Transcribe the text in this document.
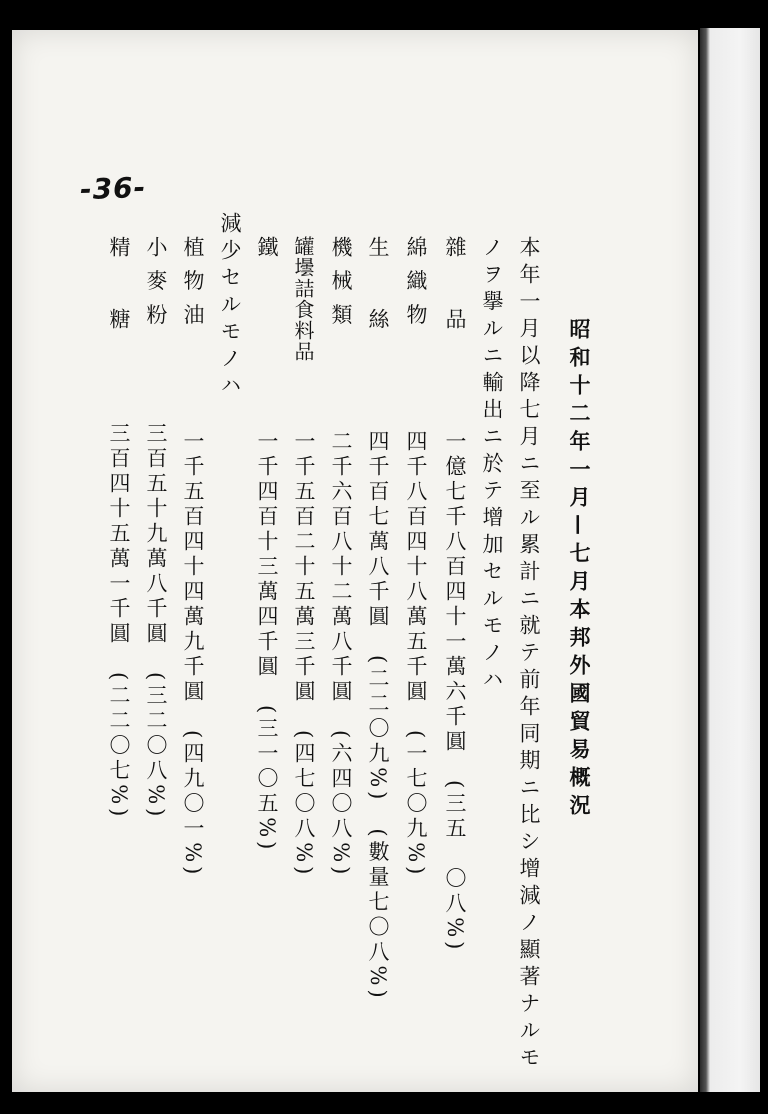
-36-
昭和十二年一月—七月本邦外國貿易概況
本年一月以降七月ニ至ル累計ニ就テ前年同期ニ比シ增減ノ顯著ナルモ
ノヲ擧ルニ輸出ニ於テ增加セルモノハ
雜　　品
一億七千八百四十一萬六千圓　(三五　〇八%)
綿 織 物
四千八百四十八萬五千圓　(一七〇九%)
生　　絲
四千百七萬八千圓　(二二〇九%)　(數量七〇八%)
機 械 類
二千六百八十二萬八千圓　(六四〇八%)
罐壜詰食料品
一千五百二十五萬三千圓　(四七〇八%)
鐵
一千四百十三萬四千圓　(三一〇五%)
減少セルモノハ
植 物 油
一千五百四十四萬九千圓　(四九〇一%)
小 麥 粉
三百五十九萬八千圓　(三二〇八%)
精　　糖
三百四十五萬一千圓　(二二〇七%)
